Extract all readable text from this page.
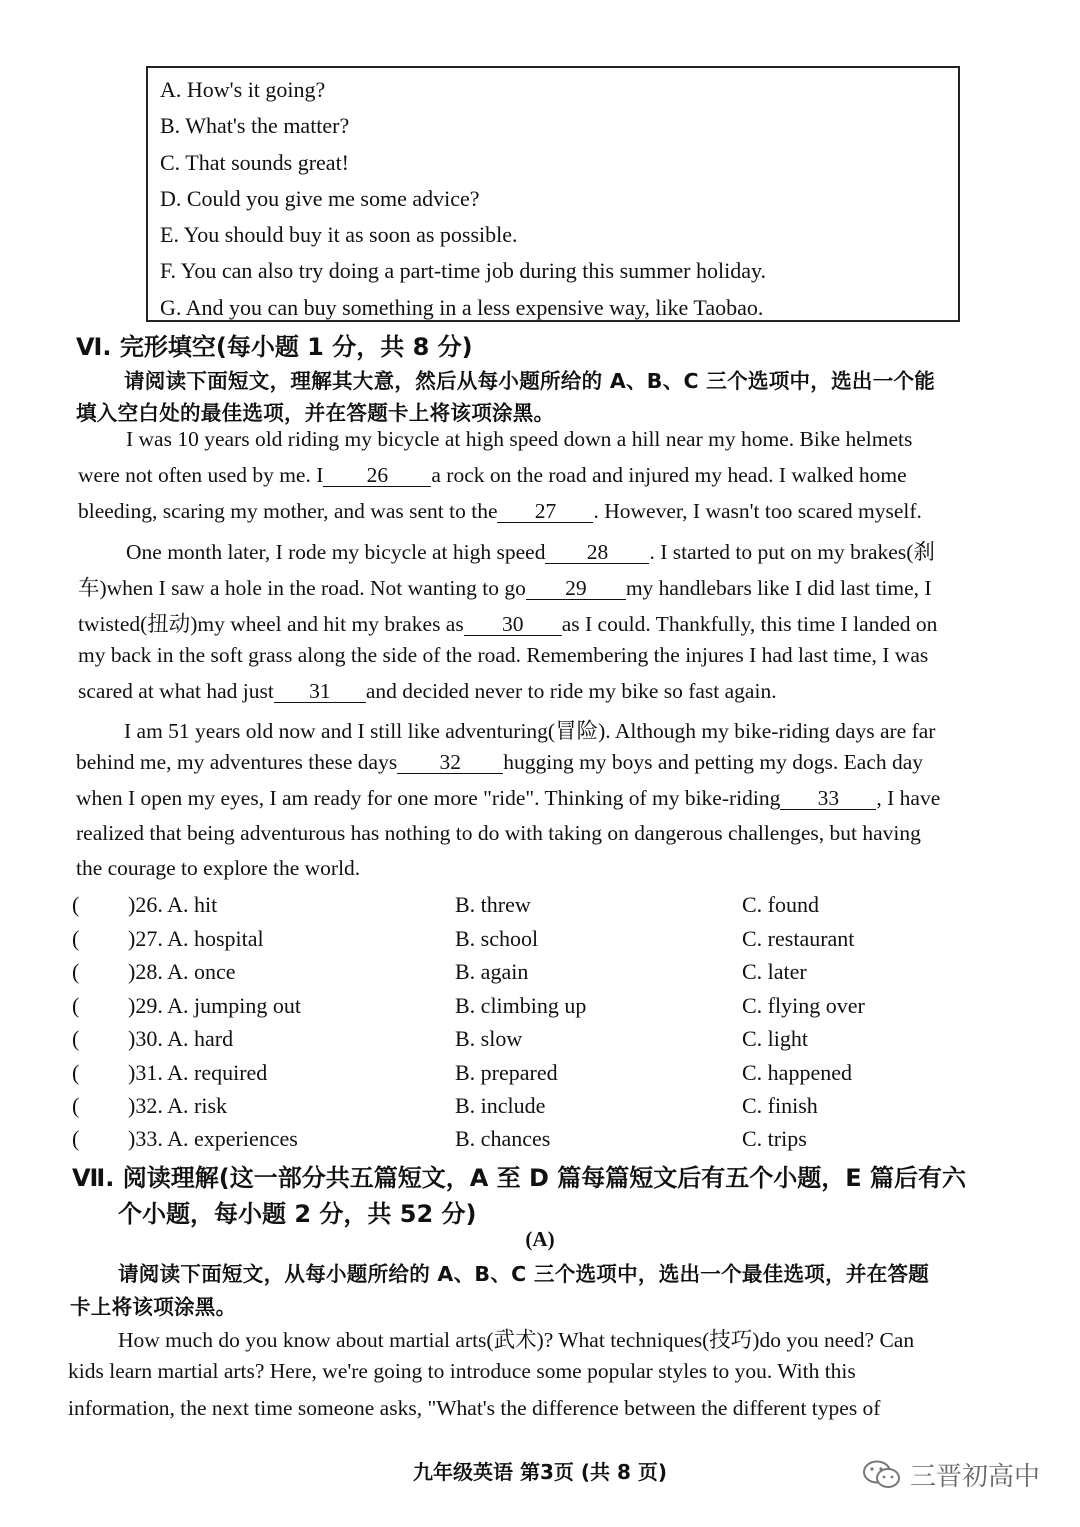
A. How's it going?
B. What's the matter?
C. That sounds great!
D. Could you give me some advice?
E. You should buy it as soon as possible.
F. You can also try doing a part-time job during this summer holiday.
G. And you can buy something in a less expensive way, like Taobao.
Ⅵ. 完形填空(每小题 1 分，共 8 分)
请阅读下面短文，理解其大意，然后从每小题所给的 A、B、C 三个选项中，选出一个能
填入空白处的最佳选项，并在答题卡上将该项涂黑。
I was 10 years old riding my bicycle at high speed down a hill near my home. Bike helmets
were not often used by me. I 26 a rock on the road and injured my head. I walked home
bleeding, scaring my mother, and was sent to the 27 . However, I wasn't too scared myself.
One month later, I rode my bicycle at high speed 28 . I started to put on my brakes(刹
车)when I saw a hole in the road. Not wanting to go 29 my handlebars like I did last time, I
twisted(扭动)my wheel and hit my brakes as 30 as I could. Thankfully, this time I landed on
my back in the soft grass along the side of the road. Remembering the injures I had last time, I was
scared at what had just 31 and decided never to ride my bike so fast again.
I am 51 years old now and I still like adventuring(冒险). Although my bike-riding days are far
behind me, my adventures these days 32 hugging my boys and petting my dogs. Each day
when I open my eyes, I am ready for one more "ride". Thinking of my bike-riding 33 , I have
realized that being adventurous has nothing to do with taking on dangerous challenges, but having
the courage to explore the world.
( )26. A. hit	B. threw	C. found
( )27. A. hospital	B. school	C. restaurant
( )28. A. once	B. again	C. later
( )29. A. jumping out	B. climbing up	C. flying over
( )30. A. hard	B. slow	C. light
( )31. A. required	B. prepared	C. happened
( )32. A. risk	B. include	C. finish
( )33. A. experiences	B. chances	C. trips
Ⅶ. 阅读理解(这一部分共五篇短文，A 至 D 篇每篇短文后有五个小题，E 篇后有六
个小题，每小题 2 分，共 52 分)
(A)
请阅读下面短文，从每小题所给的 A、B、C 三个选项中，选出一个最佳选项，并在答题
卡上将该项涂黑。
How much do you know about martial arts(武术)? What techniques(技巧)do you need? Can
kids learn martial arts? Here, we're going to introduce some popular styles to you. With this
information, the next time someone asks, "What's the difference between the different types of
九年级英语 第3页 (共 8 页)	三晋初高中
